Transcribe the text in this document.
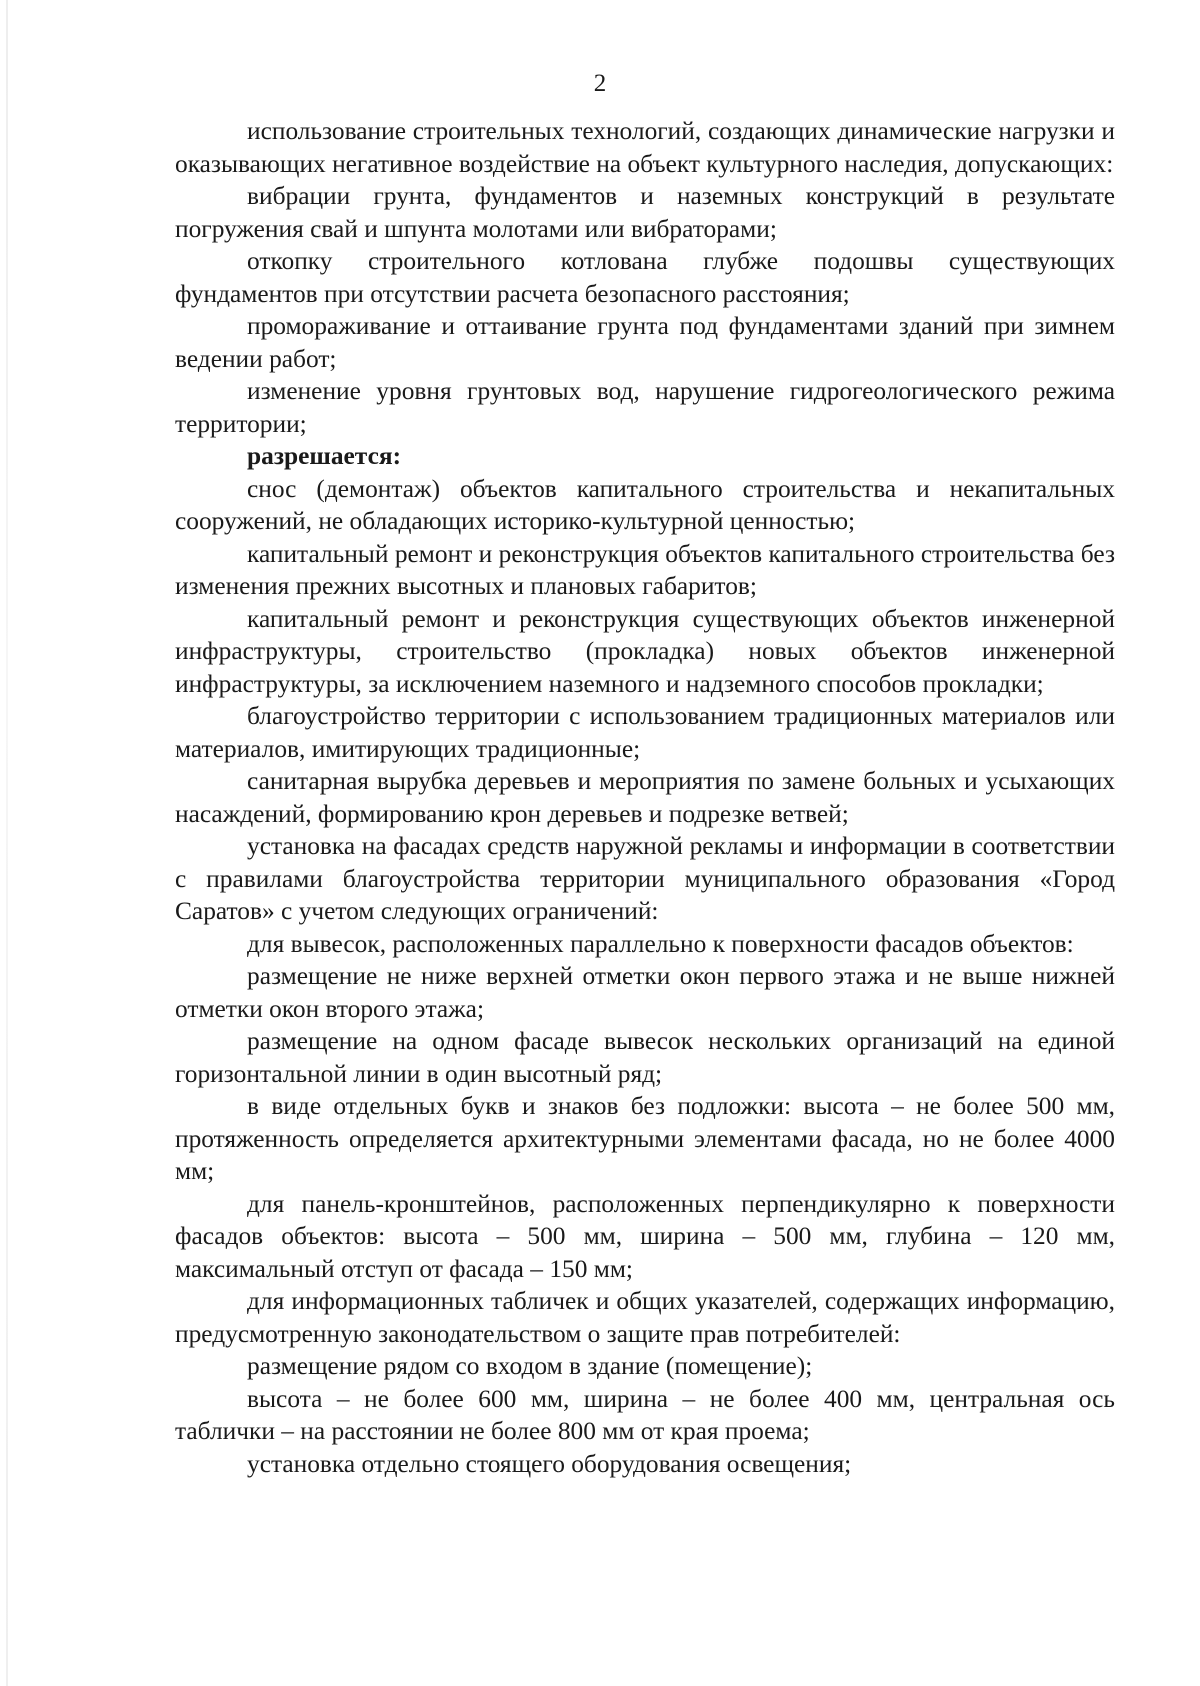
2

использование строительных технологий, создающих динамические нагрузки и оказывающих негативное воздействие на объект культурного наследия, допускающих:

вибрации грунта, фундаментов и наземных конструкций в результате погружения свай и шпунта молотами или вибраторами;

откопку строительного котлована глубже подошвы существующих фундаментов при отсутствии расчета безопасного расстояния;

промораживание и оттаивание грунта под фундаментами зданий при зимнем ведении работ;

изменение уровня грунтовых вод, нарушение гидрогеологического режима территории;

разрешается:

снос (демонтаж) объектов капитального строительства и некапитальных сооружений, не обладающих историко-культурной ценностью;

капитальный ремонт и реконструкция объектов капитального строительства без изменения прежних высотных и плановых габаритов;

капитальный ремонт и реконструкция существующих объектов инженерной инфраструктуры, строительство (прокладка) новых объектов инженерной инфраструктуры, за исключением наземного и надземного способов прокладки;

благоустройство территории с использованием традиционных материалов или материалов, имитирующих традиционные;

санитарная вырубка деревьев и мероприятия по замене больных и усыхающих насаждений, формированию крон деревьев и подрезке ветвей;

установка на фасадах средств наружной рекламы и информации в соответствии с правилами благоустройства территории муниципального образования «Город Саратов» с учетом следующих ограничений:

для вывесок, расположенных параллельно к поверхности фасадов объектов:

размещение не ниже верхней отметки окон первого этажа и не выше нижней отметки окон второго этажа;

размещение на одном фасаде вывесок нескольких организаций на единой горизонтальной линии в один высотный ряд;

в виде отдельных букв и знаков без подложки: высота – не более 500 мм, протяженность определяется архитектурными элементами фасада, но не более 4000 мм;

для панель-кронштейнов, расположенных перпендикулярно к поверхности фасадов объектов: высота – 500 мм, ширина – 500 мм, глубина – 120 мм, максимальный отступ от фасада – 150 мм;

для информационных табличек и общих указателей, содержащих информацию, предусмотренную законодательством о защите прав потребителей:

размещение рядом со входом в здание (помещение);

высота – не более 600 мм, ширина – не более 400 мм, центральная ось таблички – на расстоянии не более 800 мм от края проема;

установка отдельно стоящего оборудования освещения;
